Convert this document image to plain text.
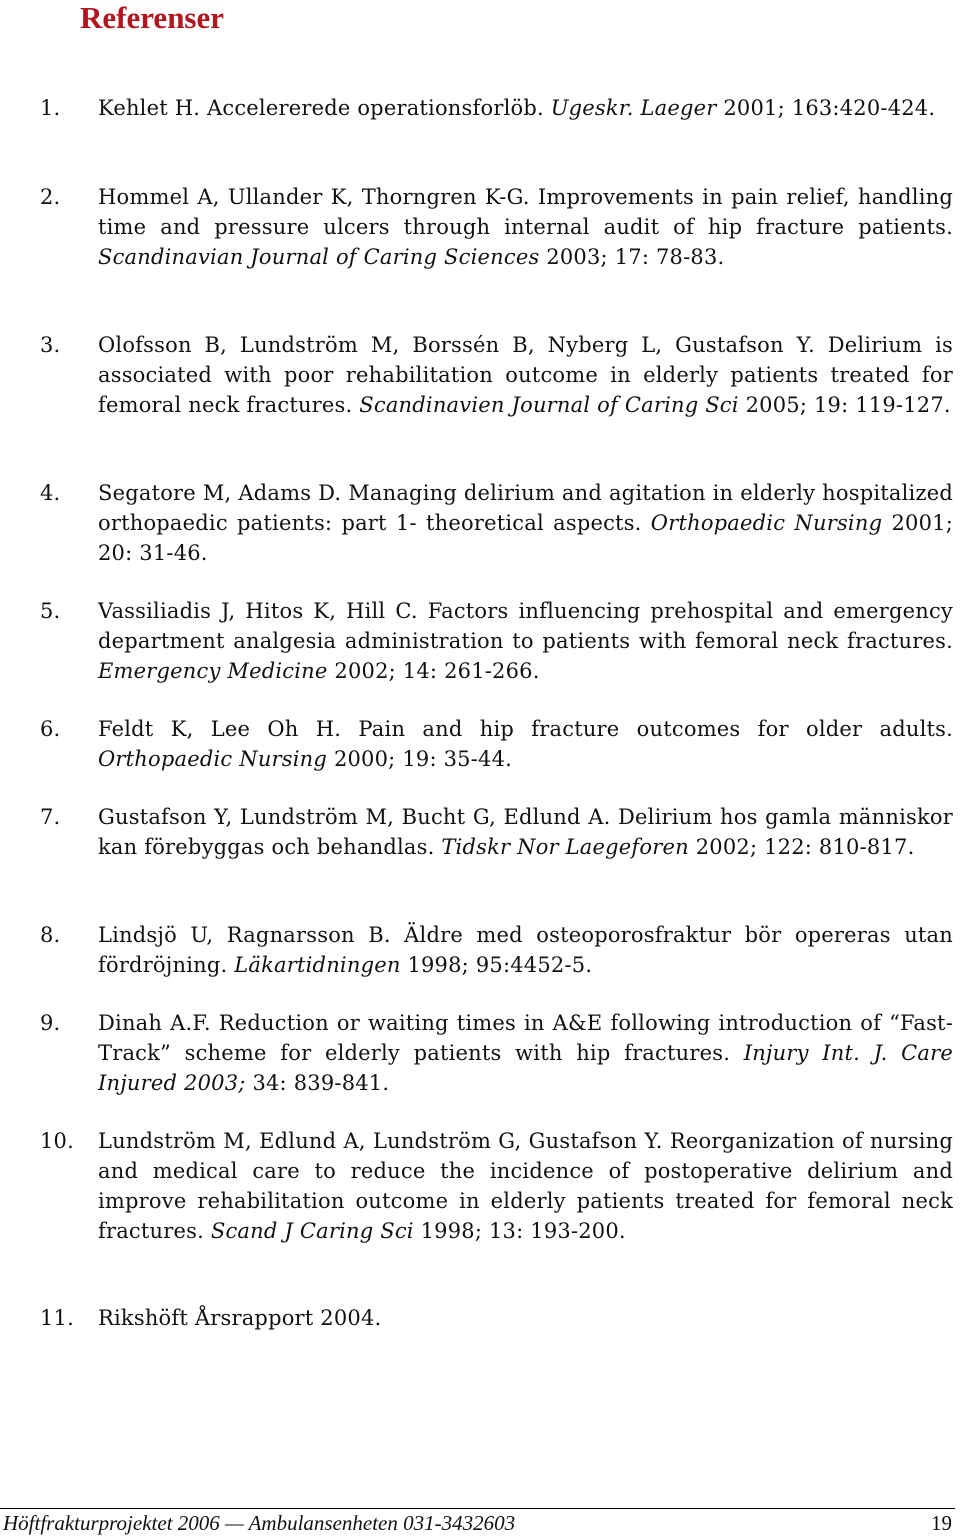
Referenser
1. Kehlet H. Accelererede operationsforlöb. Ugeskr. Laeger 2001; 163:420-424.
2. Hommel A, Ullander K, Thorngren K-G. Improvements in pain relief, handling time and pressure ulcers through internal audit of hip fracture patients. Scandinavian Journal of Caring Sciences 2003; 17: 78-83.
3. Olofsson B, Lundström M, Borssén B, Nyberg L, Gustafson Y. Delirium is associated with poor rehabilitation outcome in elderly patients treated for femoral neck fractures. Scandinavien Journal of Caring Sci 2005; 19: 119-127.
4. Segatore M, Adams D. Managing delirium and agitation in elderly hospitalized orthopaedic patients: part 1- theoretical aspects. Orthopaedic Nursing 2001; 20: 31-46.
5. Vassiliadis J, Hitos K, Hill C. Factors influencing prehospital and emergency department analgesia administration to patients with femoral neck fractures. Emergency Medicine 2002; 14: 261-266.
6. Feldt K, Lee Oh H. Pain and hip fracture outcomes for older adults. Orthopaedic Nursing 2000; 19: 35-44.
7. Gustafson Y, Lundström M, Bucht G, Edlund A. Delirium hos gamla människor kan förebyggas och behandlas. Tidskr Nor Laegeforen 2002; 122: 810-817.
8. Lindsjö U, Ragnarsson B. Äldre med osteoporosfraktur bör opereras utan fördröjning. Läkartidningen 1998; 95:4452-5.
9. Dinah A.F. Reduction or waiting times in A&E following introduction of “Fast-Track” scheme for elderly patients with hip fractures. Injury Int. J. Care Injured 2003; 34: 839-841.
10. Lundström M, Edlund A, Lundström G, Gustafson Y. Reorganization of nursing and medical care to reduce the incidence of postoperative delirium and improve rehabilitation outcome in elderly patients treated for femoral neck fractures. Scand J Caring Sci 1998; 13: 193-200.
11. Rikshöft Årsrapport 2004.
Höftfrakturprojektet 2006 — Ambulansenheten 031-3432603	19
